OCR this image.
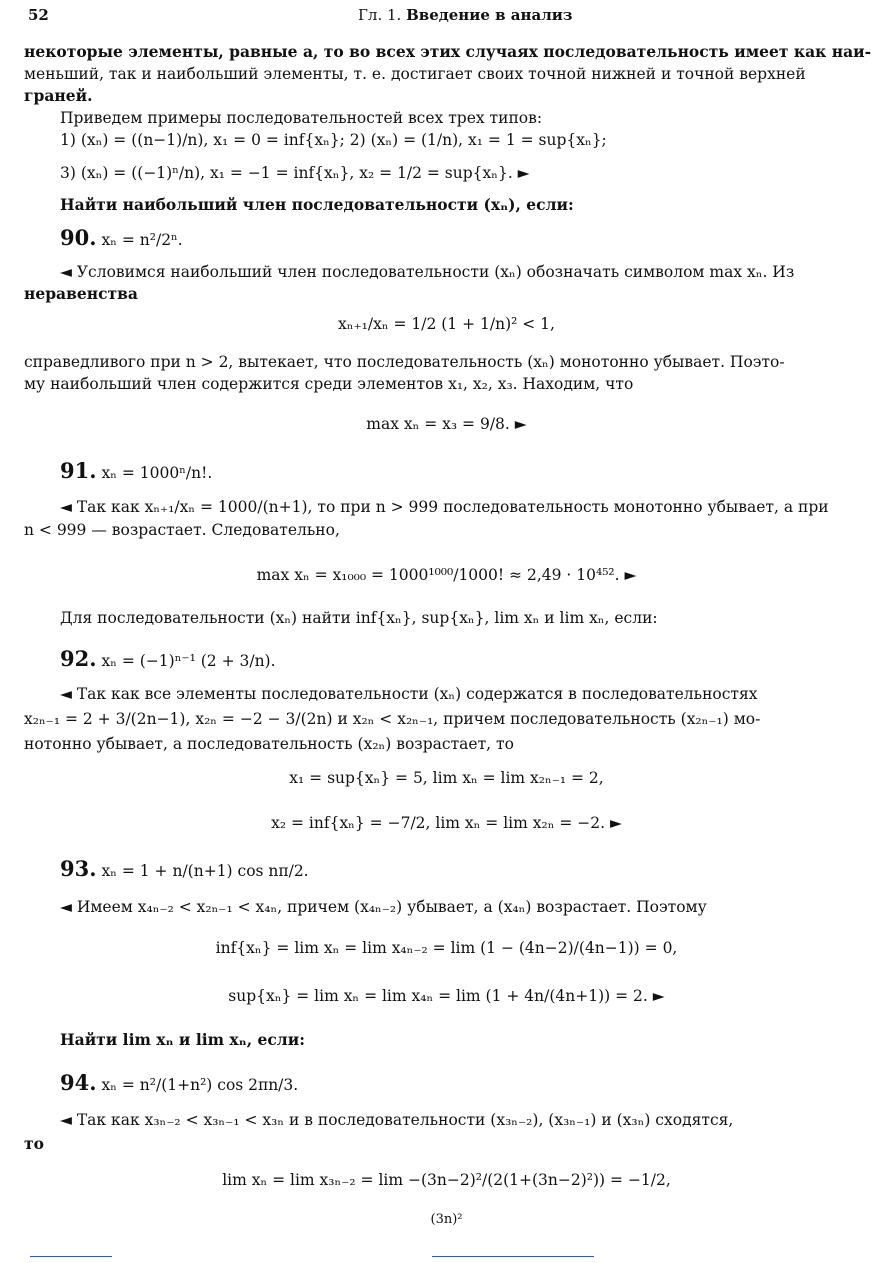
52	Гл. 1. Введение в анализ
некоторые элементы, равные a, то во всех этих случаях последовательность имеет как наи-
меньший, так и наибольший элементы, т. е. достигает своих точной нижней и точной верхней
граней.
Приведем примеры последовательностей всех трех типов:
1) (xₙ) = ((n−1)/n), x₁ = 0 = inf{xₙ}; 2) (xₙ) = (1/n), x₁ = 1 = sup{xₙ};
3) (xₙ) = ((−1)ⁿ/n), x₁ = −1 = inf{xₙ}, x₂ = 1/2 = sup{xₙ}. ►
Найти наибольший член последовательности (xₙ), если:
90. xₙ = n²/2ⁿ.
◄ Условимся наибольший член последовательности (xₙ) обозначать символом max xₙ. Из
неравенства
xₙ₊₁/xₙ = 1/2 (1 + 1/n)² < 1,
справедливого при n > 2, вытекает, что последовательность (xₙ) монотонно убывает. Поэто-
му наибольший член содержится среди элементов x₁, x₂, x₃. Находим, что
max xₙ = x₃ = 9/8. ►
91. xₙ = 1000ⁿ/n!.
◄ Так как xₙ₊₁/xₙ = 1000/(n+1), то при n > 999 последовательность монотонно убывает, а при
n < 999 — возрастает. Следовательно,
max xₙ = x₁₀₀₀ = 1000¹⁰⁰⁰/1000! ≈ 2,49 · 10⁴⁵². ►
Для последовательности (xₙ) найти inf{xₙ}, sup{xₙ}, lim xₙ и lim xₙ, если:
92. xₙ = (−1)ⁿ⁻¹ (2 + 3/n).
◄ Так как все элементы последовательности (xₙ) содержатся в последовательностях
x₂ₙ₋₁ = 2 + 3/(2n−1), x₂ₙ = −2 − 3/(2n) и x₂ₙ < x₂ₙ₋₁, причем последовательность (x₂ₙ₋₁) мо-
нотонно убывает, а последовательность (x₂ₙ) возрастает, то
x₁ = sup{xₙ} = 5, lim xₙ = lim x₂ₙ₋₁ = 2,
x₂ = inf{xₙ} = −7/2, lim xₙ = lim x₂ₙ = −2. ►
93. xₙ = 1 + n/(n+1) cos nπ/2.
◄ Имеем x₄ₙ₋₂ < x₂ₙ₋₁ < x₄ₙ, причем (x₄ₙ₋₂) убывает, а (x₄ₙ) возрастает. Поэтому
inf{xₙ} = lim xₙ = lim x₄ₙ₋₂ = lim (1 − (4n−2)/(4n−1)) = 0,
sup{xₙ} = lim xₙ = lim x₄ₙ = lim (1 + 4n/(4n+1)) = 2. ►
Найти lim xₙ и lim xₙ, если:
94. xₙ = n²/(1+n²) cos 2πn/3.
◄ Так как x₃ₙ₋₂ < x₃ₙ₋₁ < x₃ₙ и в последовательности (x₃ₙ₋₂), (x₃ₙ₋₁) и (x₃ₙ) сходятся,
то
lim xₙ = lim x₃ₙ₋₂ = lim −(3n−2)²/(2(1+(3n−2)²)) = −1/2,
(3n)²
